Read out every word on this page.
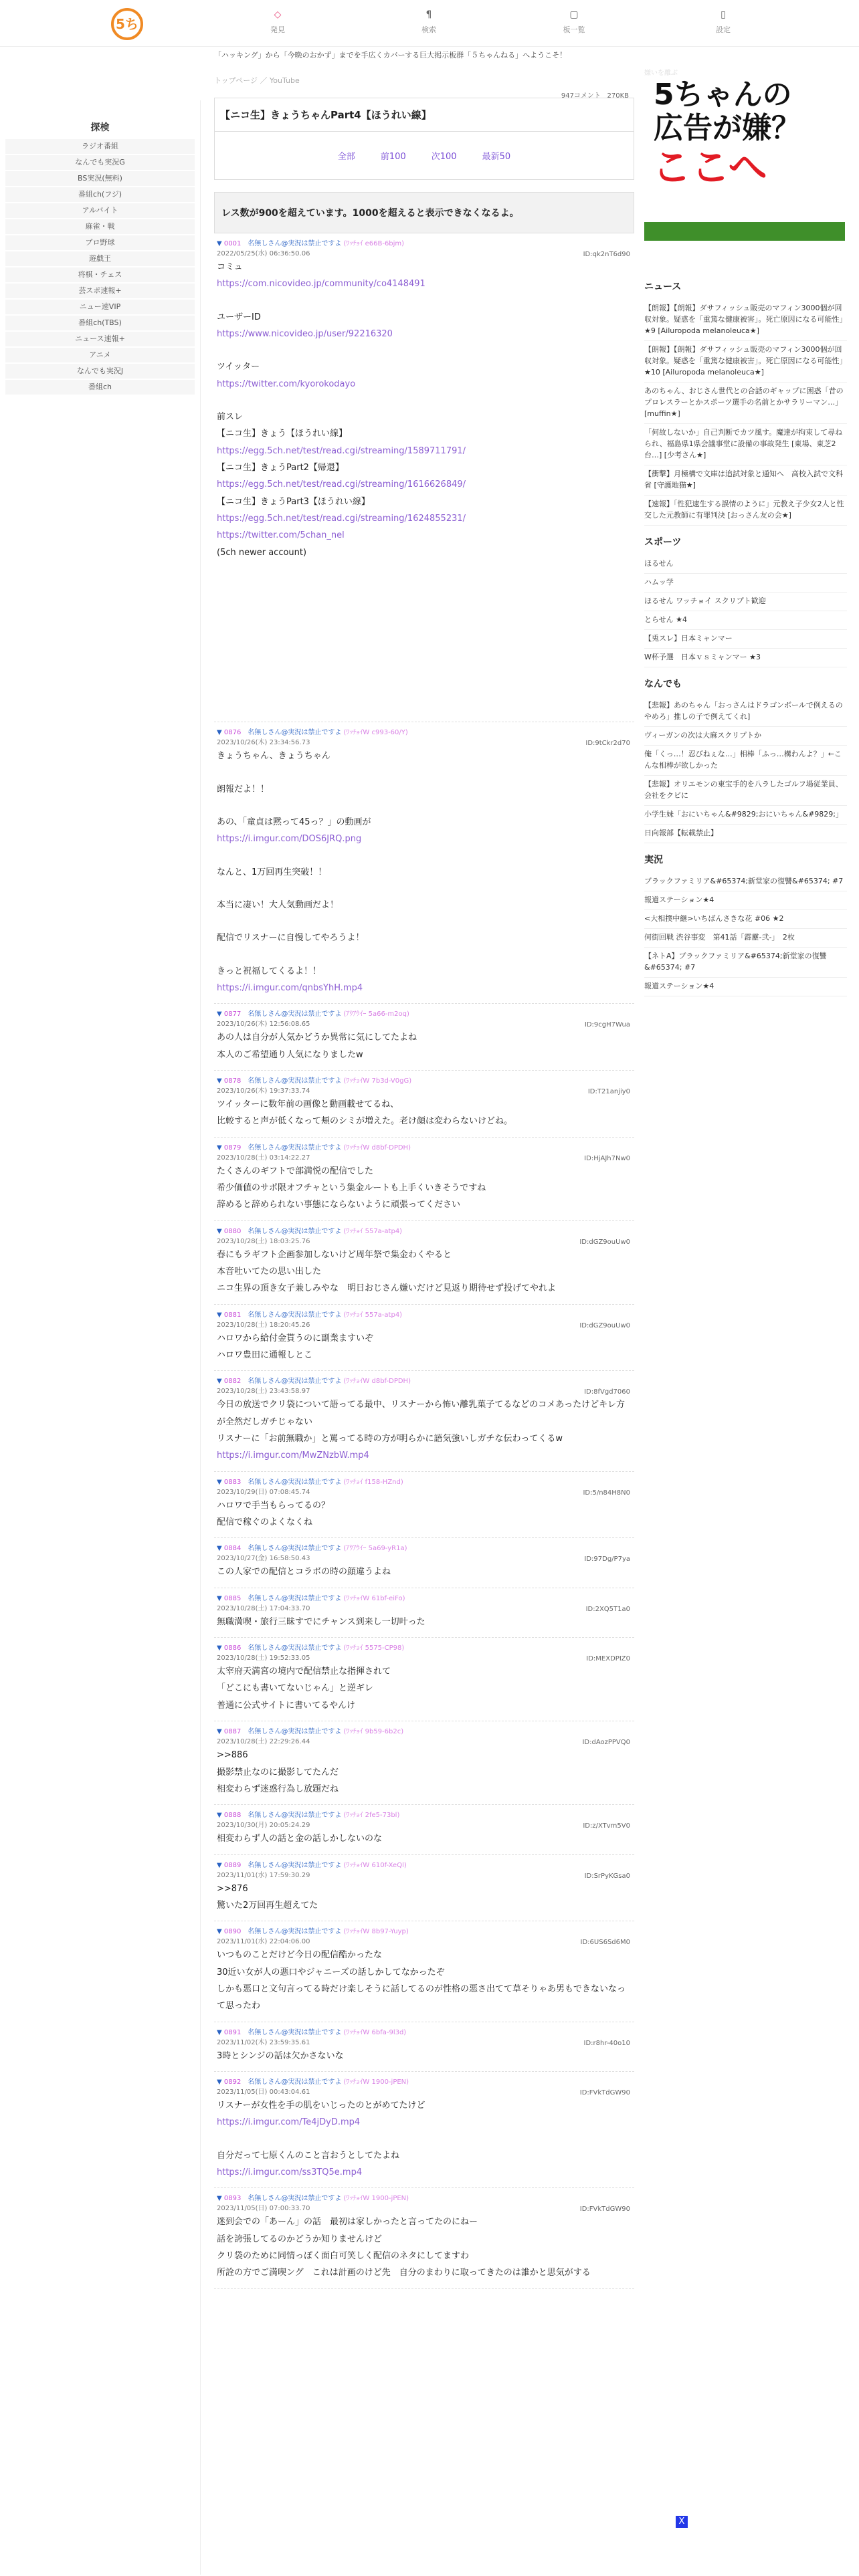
5ち
◇
発見
¶
検索
▢
板一覧
▯
設定
「ハッキング」から「今晩のおかず」までを手広くカバーする巨大掲示板群「５ちゃんねる」へようこそ！
探検
ラジオ番組
なんでも実況G
BS実況(無料)
番組ch(フジ)
アルバイト
麻雀・戦
プロ野球
遊戯王
将棋・チェス
芸スポ速報+
ニュー速VIP
番組ch(TBS)
ニュース速報+
アニメ
なんでも実況J
番組ch
トップページ ／ YouTube
947コメント 270KB
【ニコ生】きょうちゃんPart4【ほうれい線】
全部	前100	次100	最新50
レス数が900を超えています。1000を超えると表示できなくなるよ。
▼ 0001　 名無しさん@実況は禁止ですよ (ﾜｯﾁｮｲ e66B-6bjm)
2022/05/25(水) 06:36:50.06	ID:qk2nT6d90
コミュ
https://com.nicovideo.jp/community/co4148491
ユーザーID
https://www.nicovideo.jp/user/92216320
ツイッター
https://twitter.com/kyorokodayo
前スレ
【ニコ生】きょう【ほうれい線】
https://egg.5ch.net/test/read.cgi/streaming/1589711791/
【ニコ生】きょうPart2【帰還】
https://egg.5ch.net/test/read.cgi/streaming/1616626849/
【ニコ生】きょうPart3【ほうれい線】
https://egg.5ch.net/test/read.cgi/streaming/1624855231/
https://twitter.com/5chan_nel
(5ch newer account)
▼ 0876　 名無しさん@実況は禁止ですよ (ﾜｯﾁｮｲW c993-60/Y)
2023/10/26(木) 23:34:56.73	ID:9tCkr2d70
きょうちゃん、きょうちゃん
朗報だよ！！
あの、「童貞は黙って45っ？」の動画が
https://i.imgur.com/DOS6JRQ.png
なんと、1万回再生突破！！
本当に凄い！大人気動画だよ！
配信でリスナーに自慢してやろうよ！
きっと祝福してくるよ！！
https://i.imgur.com/qnbsYhH.mp4
▼ 0877　 名無しさん@実況は禁止ですよ (ｱｳｱｳｲｰ 5a66-m2oq)
2023/10/26(木) 12:56:08.65	ID:9cgH7Wua
あの人は自分が人気かどうか異常に気にしてたよね
本人のご希望通り人気になりましたw
▼ 0878　 名無しさん@実況は禁止ですよ (ﾜｯﾁｮｲW 7b3d-V0gG)
2023/10/26(木) 19:37:33.74	ID:T21anjiy0
ツイッターに数年前の画像と動画載せてるね、
比較すると声が低くなって頬のシミが増えた。老け顔は変わらないけどね。
▼ 0879　 名無しさん@実況は禁止ですよ (ﾜｯﾁｮｲW d8bf-DPDH)
2023/10/28(土) 03:14:22.27	ID:HjAJh7Nw0
たくさんのギフトで部満悦の配信でした
希少価値のサポ限オフチャという集金ルートも上手くいきそうですね
辞めると辞められない事態にならないように頑張ってください
▼ 0880　 名無しさん@実況は禁止ですよ (ﾜｯﾁｮｲ 557a-atp4)
2023/10/28(土) 18:03:25.76	ID:dGZ9ouUw0
春にもラギフト企画参加しないけど周年祭で集金わくやると
本音吐いてたの思い出した
ニコ生界の頂き女子兼しみやな　明日おじさん嫌いだけど見返り期待せず投げてやれよ
▼ 0881　 名無しさん@実況は禁止ですよ (ﾜｯﾁｮｲ 557a-atp4)
2023/10/28(土) 18:20:45.26	ID:dGZ9ouUw0
ハロワから給付金貰うのに副業ますいぞ
ハロワ豊田に通報しとこ
▼ 0882　 名無しさん@実況は禁止ですよ (ﾜｯﾁｮｲW d8bf-DPDH)
2023/10/28(土) 23:43:58.97	ID:8fVgd7060
今日の放送でクリ袋について語ってる最中、リスナーから怖い離乳菓子てるなどのコメあったけどキレ方が全然だしガチじゃない
リスナーに「お前無職か」と罵ってる時の方が明らかに語気強いしガチな伝わってくるw
https://i.imgur.com/MwZNzbW.mp4
▼ 0883　 名無しさん@実況は禁止ですよ (ﾜｯﾁｮｲ f158-HZnd)
2023/10/29(日) 07:08:45.74	ID:5/n84H8N0
ハロワで手当もらってるの？
配信で稼ぐのよくなくね
▼ 0884　 名無しさん@実況は禁止ですよ (ｱｳｱｳｲｰ 5a69-yR1a)
2023/10/27(金) 16:58:50.43	ID:97Dg/P7ya
この人家での配信とコラボの時の顔違うよね
▼ 0885　 名無しさん@実況は禁止ですよ (ﾜｯﾁｮｲW 61bf-eiFo)
2023/10/28(土) 17:04:33.70	ID:2XQ5T1a0
無職満喫・旅行三昧すでにチャンス到来し一切叶った
▼ 0886　 名無しさん@実況は禁止ですよ (ﾜｯﾁｮｲ 5575-CP98)
2023/10/28(土) 19:52:33.05	ID:MEXDPIZ0
太宰府天満宮の境内で配信禁止な指揮されて
「どこにも書いてないじゃん」と逆ギレ
普通に公式サイトに書いてるやんけ
▼ 0887　 名無しさん@実況は禁止ですよ (ﾜｯﾁｮｲ 9b59-6b2c)
2023/10/28(土) 22:29:26.44	ID:dAozPPVQ0
>>886
撮影禁止なのに撮影してたんだ
相変わらず迷惑行為し放題だね
▼ 0888　 名無しさん@実況は禁止ですよ (ﾜｯﾁｮｲ 2fe5-73bl)
2023/10/30(月) 20:05:24.29	ID:z/XTvm5V0
相変わらず人の話と金の話しかしないのな
▼ 0889　 名無しさん@実況は禁止ですよ (ﾜｯﾁｮｲW 610f-XeQl)
2023/11/01(水) 17:59:30.29	ID:SrPyKGsa0
>>876
驚いた2万回再生超えてた
▼ 0890　 名無しさん@実況は禁止ですよ (ﾜｯﾁｮｲW 8b97-Yuyp)
2023/11/01(水) 22:04:06.00	ID:6US6Sd6M0
いつものことだけど今日の配信酷かったな
30近い女が人の悪口やジャニーズの話しかしてなかったぞ
しかも悪口と文句言ってる時だけ楽しそうに話してるのが性格の悪さ出てて草そりゃあ男もできないなって思ったわ
▼ 0891　 名無しさん@実況は禁止ですよ (ﾜｯﾁｮｲW 6bfa-9l3d)
2023/11/02(木) 23:59:35.61	ID:r8hr-40o10
3時とシンジの話は欠かさないな
▼ 0892　 名無しさん@実況は禁止ですよ (ﾜｯﾁｮｲW 1900-jPEN)
2023/11/05(日) 00:43:04.61	ID:FVkTdGW90
リスナーが女性を手の肌をいじったのとがめてたけど
https://i.imgur.com/Te4jDyD.mp4
自分だって七原くんのこと言おうとしてたよね
https://i.imgur.com/ss3TQ5e.mp4
▼ 0893　 名無しさん@実況は禁止ですよ (ﾜｯﾁｮｲW 1900-jPEN)
2023/11/05(日) 07:00:33.70	ID:FVkTdGW90
迷到会での「あーん」の話　最初は家しかったと言ってたのにねー
話を誇張してるのかどうか知りませんけど
クリ袋のために同情っぽく面白可笑しく配信のネタにしてますわ
所詮の方でご満喫ング　これは計画のけど先　自分のまわりに取ってきたのは誰かと思気がする
嫌いを離ぶ
5ちゃんの
広告が嫌？
ここへ
ニュース
【朗報】【朗報】ダサフィッシュ販売のマフィン3000個が回収対象。疑惑を「重篤な健康被害」。死亡原因になる可能性」★9 [Ailuropoda melanoleuca★]
【朗報】【朗報】ダサフィッシュ販売のマフィン3000個が回収対象。疑惑を「重篤な健康被害」。死亡原因になる可能性」★10 [Ailuropoda melanoleuca★]
あのちゃん、おじさん世代との合話のギャップに困惑「昔のプロレスラーとかスポーツ選手の名前とかサラリーマン…」 [muffin★]
「何故しないか」自己判断でカツ風す。魔達が拘束して尋ねられ、福島県1県会議事堂に設備の事故発生 [東場、東芝2台…] [少考さん★]
【衝撃】月極構で文庫は追試対象と通知へ　高校入試で文科省 [守護地猫★]
【速報】「性犯逮生する誤情のように」元教え子少女2人と性交した元教師に有罪判決 [おっさん友の会★]
スポーツ
ほるせん
ハムッ学
ほるせん ワッチョイ スクリプト歓迎
とらせん ★4
【兎スレ】日本ミャンマー
W杯予選　日本ｖｓミャンマー ★3
なんでも
【悲報】あのちゃん「おっさんはドラゴンボールで例えるのやめろ」推しの子で例えてくれ]
ヴィーガンの次は大麻スクリプトか
俺「くっ…！忍びねぇな…」相棒「ふっ…構わんよ？」←こんな相棒が欲しかった
【悲報】オリエモンの東宝手的を八ラしたゴルフ場従業員、会社をクビに
小学生妹「おにいちゃん&#9829;おにいちゃん&#9829;」
日向報部【転載禁止】
実況
ブラックファミリア&#65374;新堂家の復讐&#65374; #7
報道ステーション★4
<大相撲中継>いちばんさきな花 #06 ★2
何街回戦 渋谷事変　第41話「霹靂-弐-」　2枚
【ネトA】ブラックファミリア&#65374;新堂家の復讐&#65374; #7
報道ステーション★4
X
